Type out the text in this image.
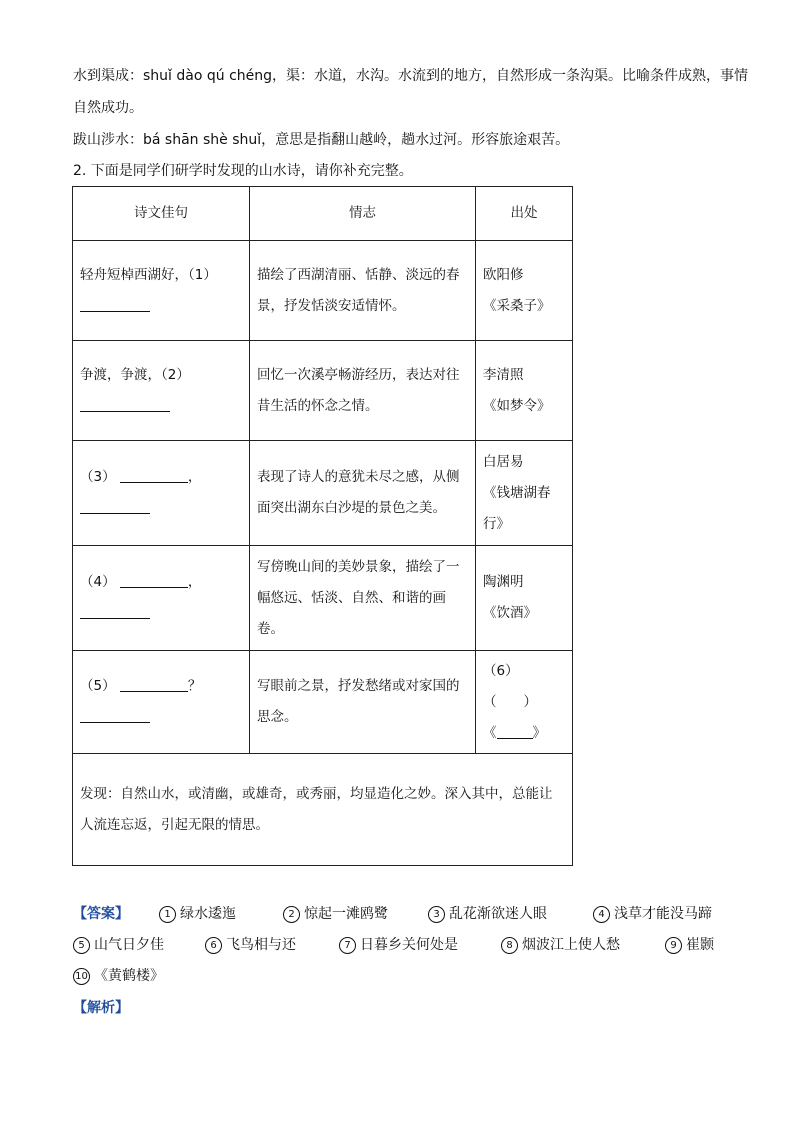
水到渠成：shuǐ dào qú chéng，渠：水道，水沟。水流到的地方，自然形成一条沟渠。比喻条件成熟，事情
自然成功。
跋山涉水：bá shān shè shuǐ，意思是指翻山越岭，趟水过河。形容旅途艰苦。
2. 下面是同学们研学时发现的山水诗，请你补充完整。
诗文佳句	情志	出处
轻舟短棹西湖好，（1）	描绘了西湖清丽、恬静、淡远的春景，抒发恬淡安适情怀。	欧阳修
《采桑子》
争渡，争渡，（2）	回忆一次溪亭畅游经历，表达对往昔生活的怀念之情。	李清照
《如梦令》
（3） ，	表现了诗人的意犹未尽之感，从侧面突出湖东白沙堤的景色之美。	白居易
《钱塘湖春行》
（4） ，	写傍晚山间的美妙景象，描绘了一幅悠远、恬淡、自然、和谐的画卷。	陶渊明
《饮酒》
（5） ？	写眼前之景，抒发愁绪或对家国的思念。	（6）
（　　）
《 》
发现：自然山水，或清幽，或雄奇，或秀丽，均显造化之妙。深入其中，总能让人流连忘返，引起无限的情思。		
【答案】	1 绿水逶迤	2 惊起一滩鸥鹭	3 乱花渐欲迷人眼	4 浅草才能没马蹄
5 山气日夕佳	6 飞鸟相与还	7 日暮乡关何处是	8 烟波江上使人愁	9 崔颢
10 《黄鹤楼》
【解析】
